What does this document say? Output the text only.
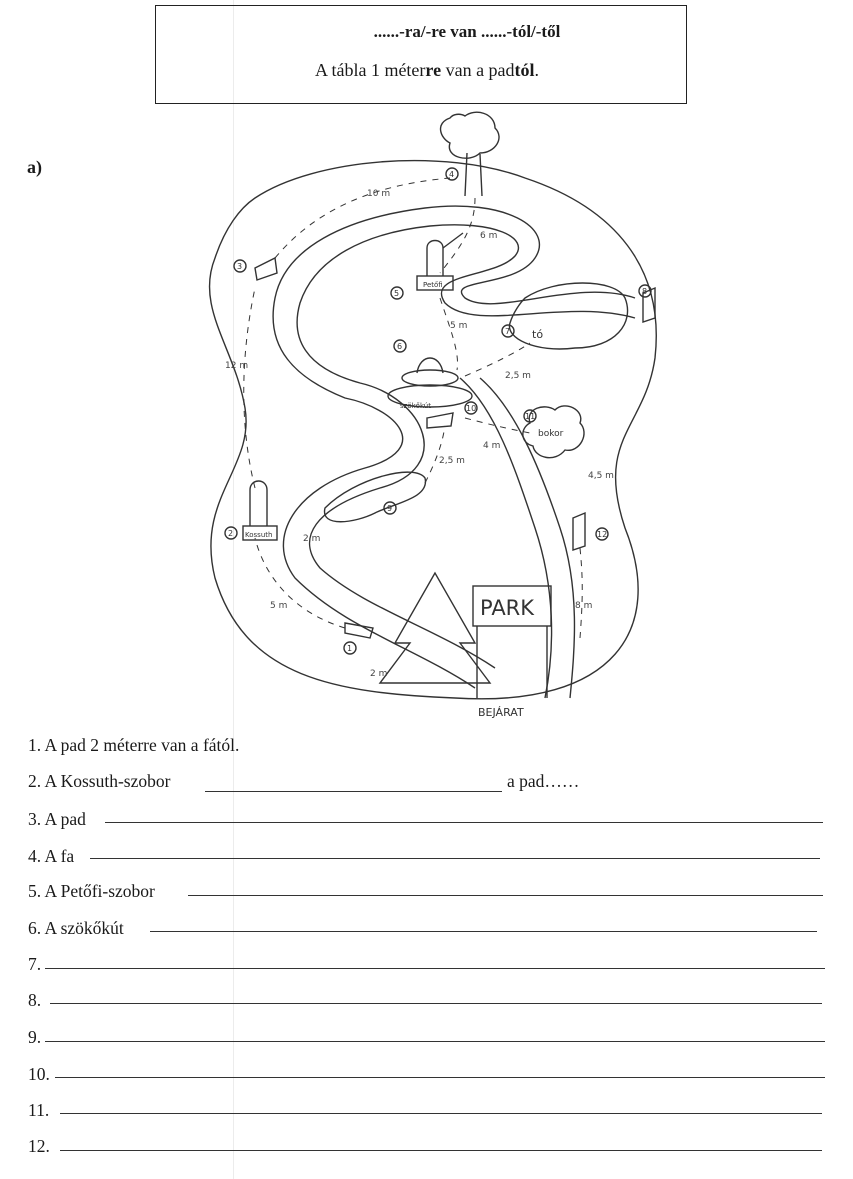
......-ra/-re van ......-tól/-től
A tábla 1 méterre van a padtól.
a)
Petőfi
szökőkút
tó
bokor
Kossuth
PARK
BEJÁRAT
1
2
3
4
5
6
7
8
9
10
11
12
10 m
6 m
12 m
5 m
2,5 m
2,5 m
4 m
2 m
5 m
2 m
4,5 m
8 m
1. A pad 2 méterre van a fától.
2. A Kossuth-szobor	a pad……
3. A pad
4. A fa
5. A Petőfi-szobor
6. A szökőkút
7.
8.
9.
10.
11.
12.
